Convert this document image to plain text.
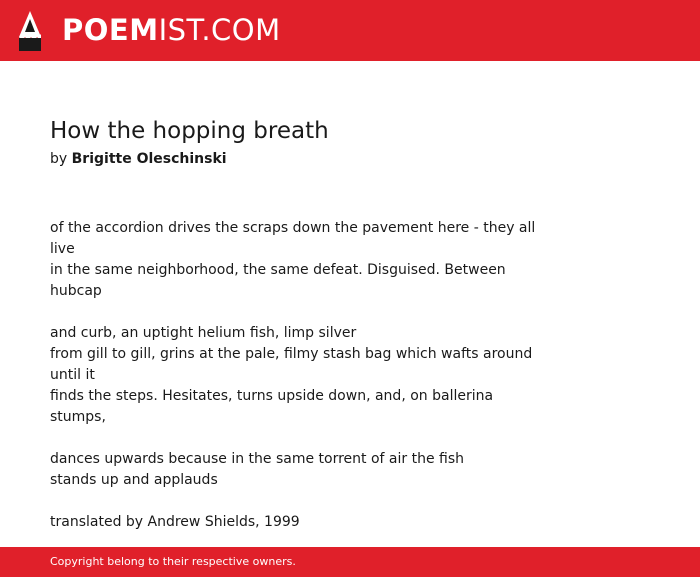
POEMIST.COM
How the hopping breath
by Brigitte Oleschinski
of the accordion drives the scraps down the pavement here - they all live
in the same neighborhood, the same defeat. Disguised. Between hubcap
and curb, an uptight helium fish, limp silver
from gill to gill, grins at the pale, filmy stash bag which wafts around
until it
finds the steps. Hesitates, turns upside down, and, on ballerina stumps,
dances upwards because in the same torrent of air the fish
stands up and applauds
translated by Andrew Shields, 1999
Copyright belong to their respective owners.
